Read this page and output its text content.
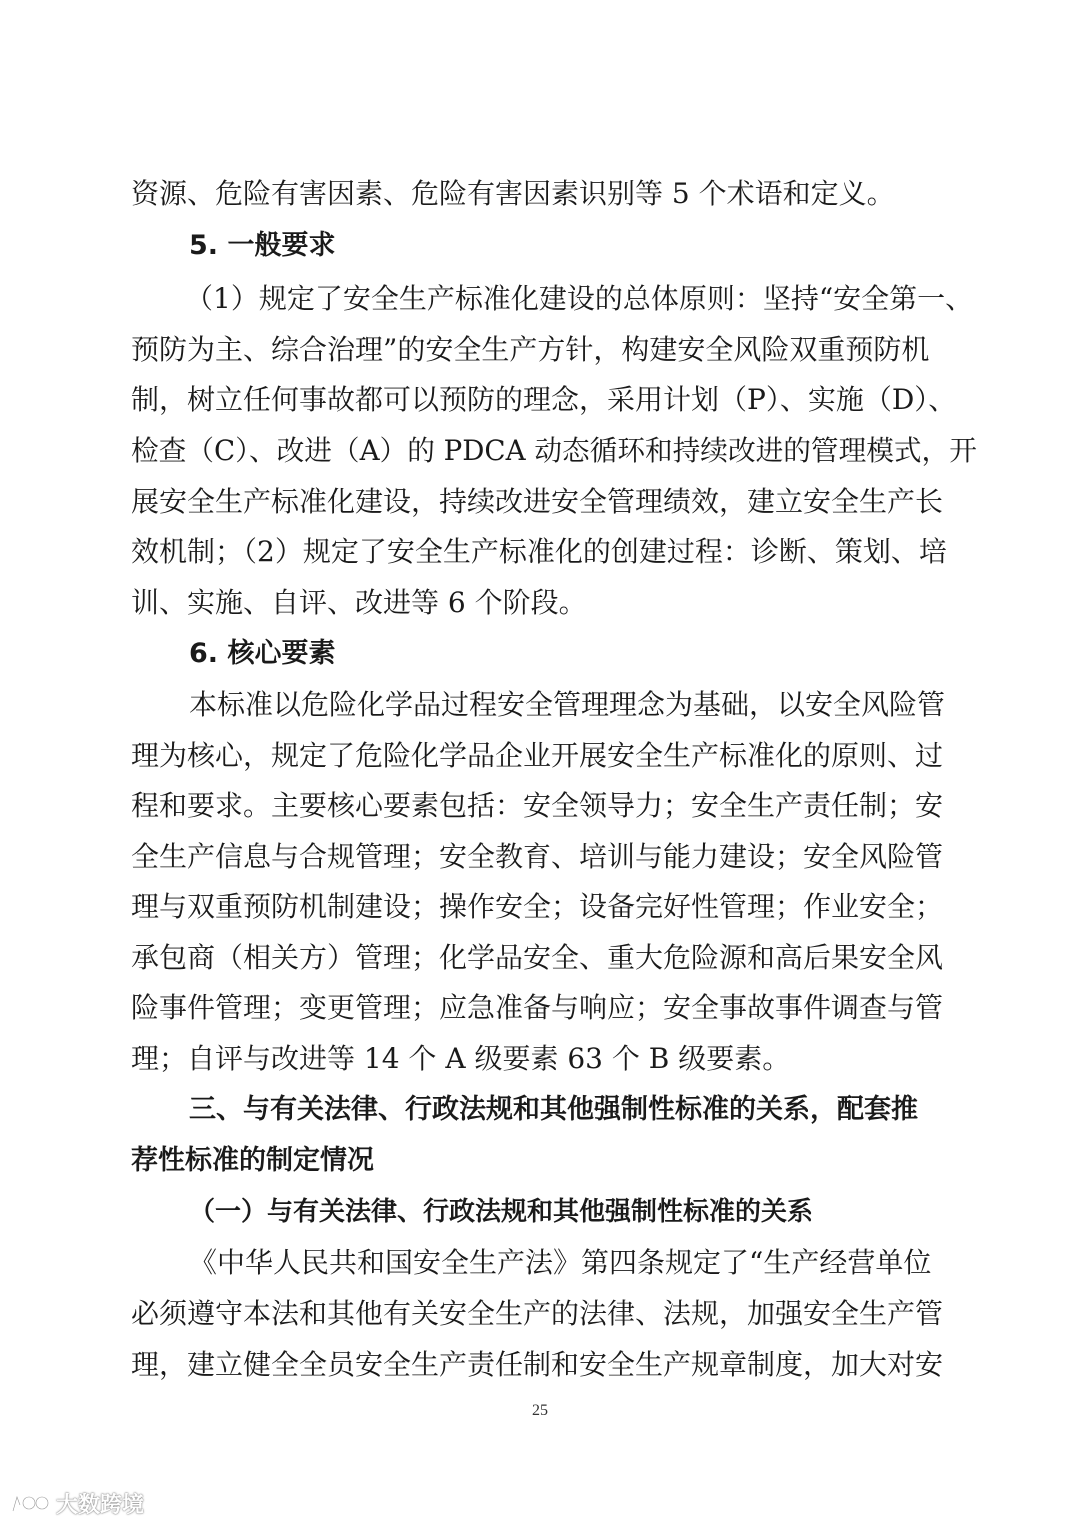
资源、危险有害因素、危险有害因素识别等 5 个术语和定义。
5. 一般要求
（1）规定了安全生产标准化建设的总体原则：坚持“安全第一、
预防为主、综合治理”的安全生产方针，构建安全风险双重预防机
制，树立任何事故都可以预防的理念，采用计划（P）、实施（D）、
检查（C）、改进（A）的 PDCA 动态循环和持续改进的管理模式，开
展安全生产标准化建设，持续改进安全管理绩效，建立安全生产长
效机制；（2）规定了安全生产标准化的创建过程：诊断、策划、培
训、实施、自评、改进等 6 个阶段。
6. 核心要素
本标准以危险化学品过程安全管理理念为基础，以安全风险管
理为核心，规定了危险化学品企业开展安全生产标准化的原则、过
程和要求。主要核心要素包括：安全领导力；安全生产责任制；安
全生产信息与合规管理；安全教育、培训与能力建设；安全风险管
理与双重预防机制建设；操作安全；设备完好性管理；作业安全；
承包商（相关方）管理；化学品安全、重大危险源和高后果安全风
险事件管理；变更管理；应急准备与响应；安全事故事件调查与管
理；自评与改进等 14 个 A 级要素 63 个 B 级要素。
三、与有关法律、行政法规和其他强制性标准的关系，配套推
荐性标准的制定情况
（一）与有关法律、行政法规和其他强制性标准的关系
《中华人民共和国安全生产法》第四条规定了“生产经营单位
必须遵守本法和其他有关安全生产的法律、法规，加强安全生产管
理，建立健全全员安全生产责任制和安全生产规章制度，加大对安
25
大数跨境
